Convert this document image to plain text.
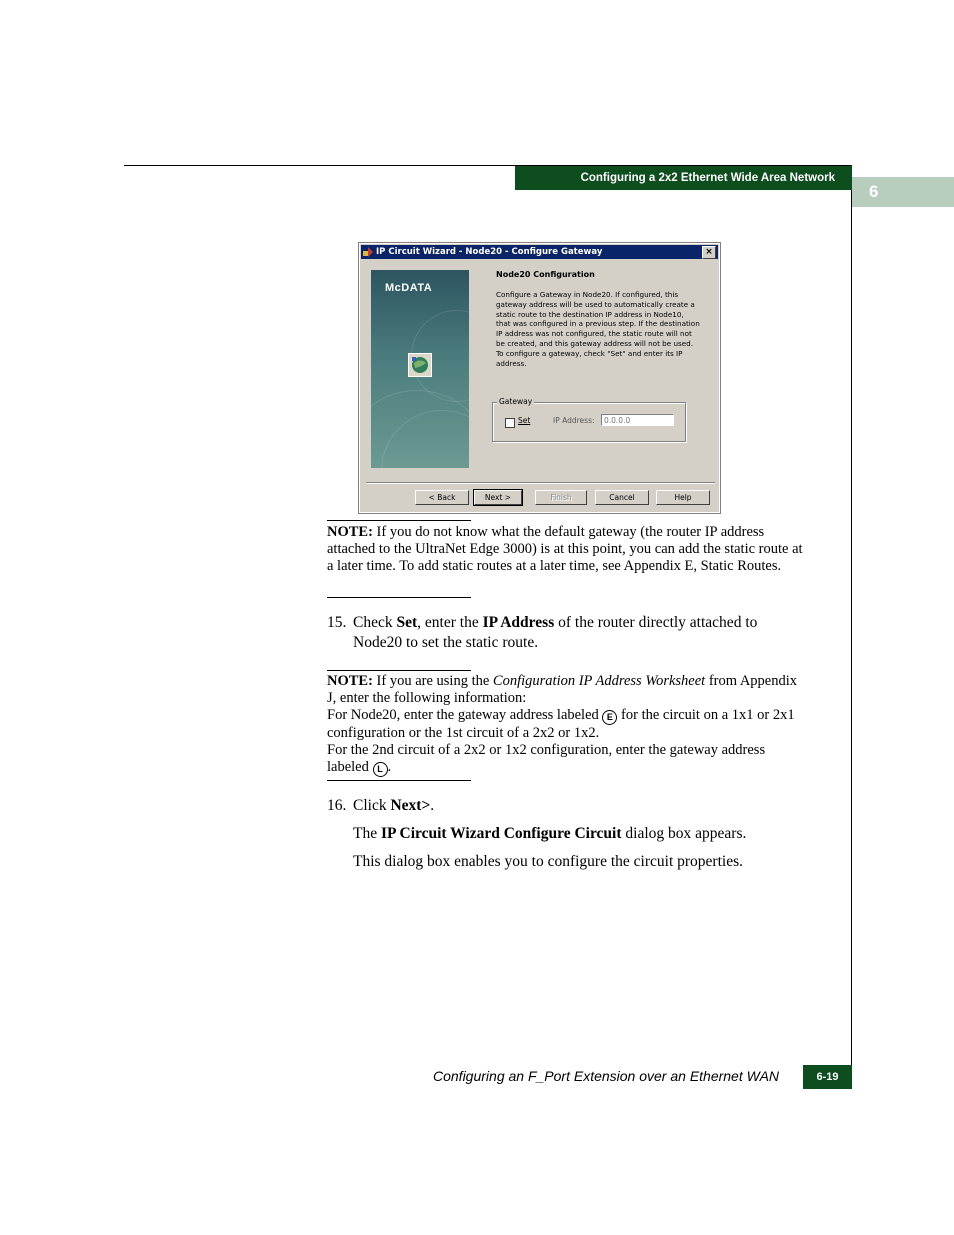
Configuring a 2x2 Ethernet Wide Area Network
6
IP Circuit Wizard - Node20 - Configure Gateway	×
McDATA
Node20 Configuration
Configure a Gateway in Node20. If configured, this
gateway address will be used to automatically create a
static route to the destination IP address in Node10,
that was configured in a previous step. If the destination
IP address was not configured, the static route will not
be created, and this gateway address will not be used.
To configure a gateway, check "Set" and enter its IP
address.
Gateway
Set	IP Address:	0.0.0.0
< Back	Next >	Finish	Cancel	Help
NOTE: If you do not know what the default gateway (the router IP address attached to the UltraNet Edge 3000) is at this point, you can add the static route at a later time. To add static routes at a later time, see Appendix E, Static Routes.
15. Check Set, enter the IP Address of the router directly attached to Node20 to set the static route.
NOTE: If you are using the Configuration IP Address Worksheet from Appendix J, enter the following information:
For Node20, enter the gateway address labeled E for the circuit on a 1x1 or 2x1 configuration or the 1st circuit of a 2x2 or 1x2.
For the 2nd circuit of a 2x2 or 1x2 configuration, enter the gateway address labeled L .
16. Click Next>.
The IP Circuit Wizard Configure Circuit dialog box appears.
This dialog box enables you to configure the circuit properties.
Configuring an F_Port Extension over an Ethernet WAN	6-19
